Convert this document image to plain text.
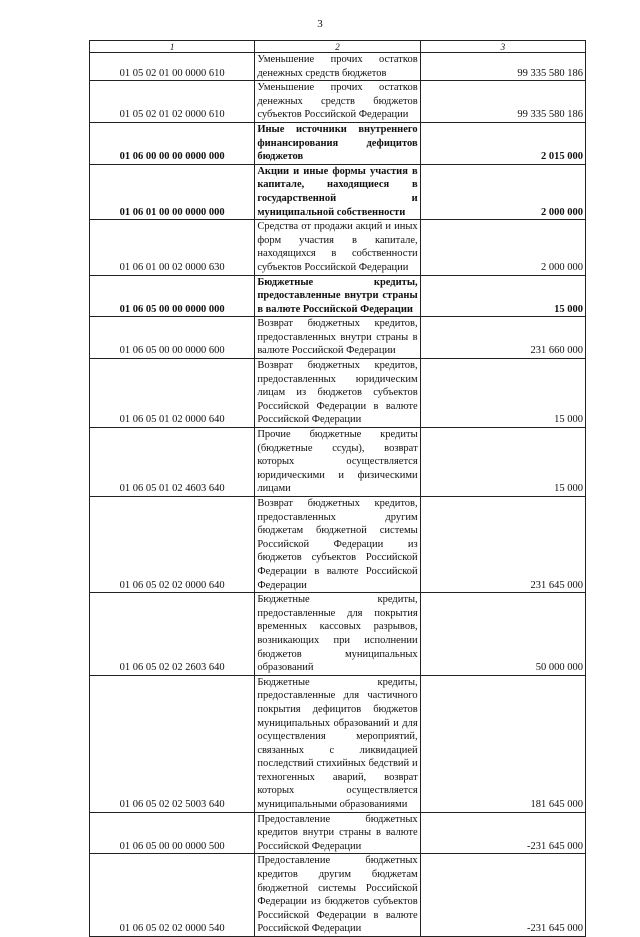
3
1	2	3
01 05 02 01 00 0000 610	Уменьшение прочих остатков денежных средств бюджетов	99 335 580 186
01 05 02 01 02 0000 610	Уменьшение прочих остатков денежных средств бюджетов субъектов Российской Федерации	99 335 580 186
01 06 00 00 00 0000 000	Иные источники внутреннего финансирования дефицитов бюджетов	2 015 000
01 06 01 00 00 0000 000	Акции и иные формы участия в капитале, находящиеся в государственной и муниципальной собственности	2 000 000
01 06 01 00 02 0000 630	Средства от продажи акций и иных форм участия в капитале, находящихся в собственности субъектов Российской Федерации	2 000 000
01 06 05 00 00 0000 000	Бюджетные кредиты, предоставленные внутри страны в валюте Российской Федерации	15 000
01 06 05 00 00 0000 600	Возврат бюджетных кредитов, предоставленных внутри страны в валюте Российской Федерации	231 660 000
01 06 05 01 02 0000 640	Возврат бюджетных кредитов, предоставленных юридическим лицам из бюджетов субъектов Российской Федерации в валюте Российской Федерации	15 000
01 06 05 01 02 4603 640	Прочие бюджетные кредиты (бюджетные ссуды), возврат которых осуществляется юридическими и физическими лицами	15 000
01 06 05 02 02 0000 640	Возврат бюджетных кредитов, предоставленных другим бюджетам бюджетной системы Российской Федерации из бюджетов субъектов Российской Федерации в валюте Российской Федерации	231 645 000
01 06 05 02 02 2603 640	Бюджетные кредиты, предоставленные для покрытия временных кассовых разрывов, возникающих при исполнении бюджетов муниципальных образований	50 000 000
01 06 05 02 02 5003 640	Бюджетные кредиты, предоставленные для частичного покрытия дефицитов бюджетов муниципальных образований и для осуществления мероприятий, связанных с ликвидацией последствий стихийных бедствий и техногенных аварий, возврат которых осуществляется муниципальными образованиями	181 645 000
01 06 05 00 00 0000 500	Предоставление бюджетных кредитов внутри страны в валюте Российской Федерации	-231 645 000
01 06 05 02 02 0000 540	Предоставление бюджетных кредитов другим бюджетам бюджетной системы Российской Федерации из бюджетов субъектов Российской Федерации в валюте Российской Федерации	-231 645 000
